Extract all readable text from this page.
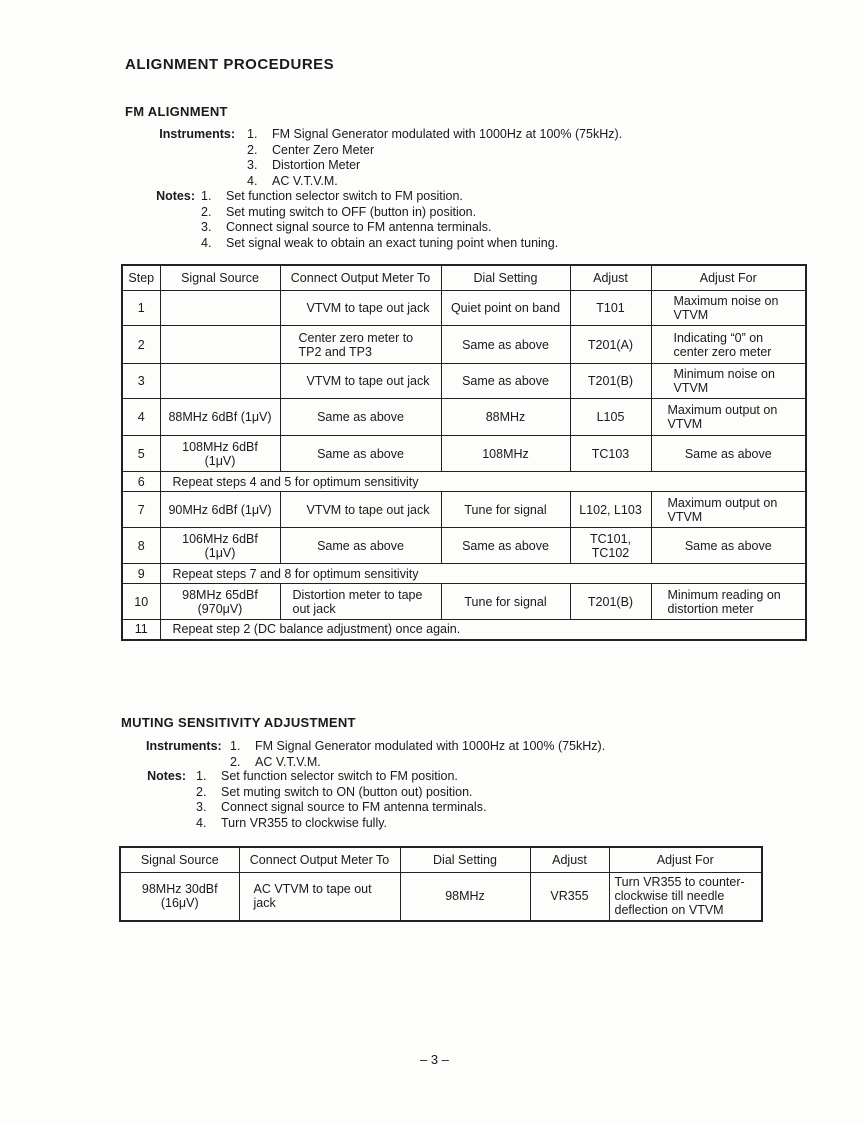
ALIGNMENT PROCEDURES
FM ALIGNMENT
Instruments: 1. FM Signal Generator modulated with 1000Hz at 100% (75kHz).
2. Center Zero Meter
3. Distortion Meter
4. AC V.T.V.M.
Notes: 1. Set function selector switch to FM position.
2. Set muting switch to OFF (button in) position.
3. Connect signal source to FM antenna terminals.
4. Set signal weak to obtain an exact tuning point when tuning.
Step	Signal Source	Connect Output Meter To	Dial Setting	Adjust	Adjust For
1		VTVM to tape out jack	Quiet point on band	T101	Maximum noise on VTVM
2		Center zero meter to TP2 and TP3	Same as above	T201(A)	Indicating “0” on center zero meter
3		VTVM to tape out jack	Same as above	T201(B)	Minimum noise on VTVM
4	88MHz 6dBf (1μV)	Same as above	88MHz	L105	Maximum output on VTVM
5	108MHz 6dBf (1μV)	Same as above	108MHz	TC103	Same as above
6	Repeat steps 4 and 5 for optimum sensitivity				
7	90MHz 6dBf (1μV)	VTVM to tape out jack	Tune for signal	L102, L103	Maximum output on VTVM
8	106MHz 6dBf (1μV)	Same as above	Same as above	TC101, TC102	Same as above
9	Repeat steps 7 and 8 for optimum sensitivity				
10	98MHz 65dBf (970μV)	Distortion meter to tape out jack	Tune for signal	T201(B)	Minimum reading on distortion meter
11	Repeat step 2 (DC balance adjustment) once again.				
MUTING SENSITIVITY ADJUSTMENT
Instruments: 1. FM Signal Generator modulated with 1000Hz at 100% (75kHz).
2. AC V.T.V.M.
Notes: 1. Set function selector switch to FM position.
2. Set muting switch to ON (button out) position.
3. Connect signal source to FM antenna terminals.
4. Turn VR355 to clockwise fully.
Signal Source	Connect Output Meter To	Dial Setting	Adjust	Adjust For
98MHz 30dBf (16μV)	AC VTVM to tape out jack	98MHz	VR355	Turn VR355 to counter-clockwise till needle deflection on VTVM
– 3 –
